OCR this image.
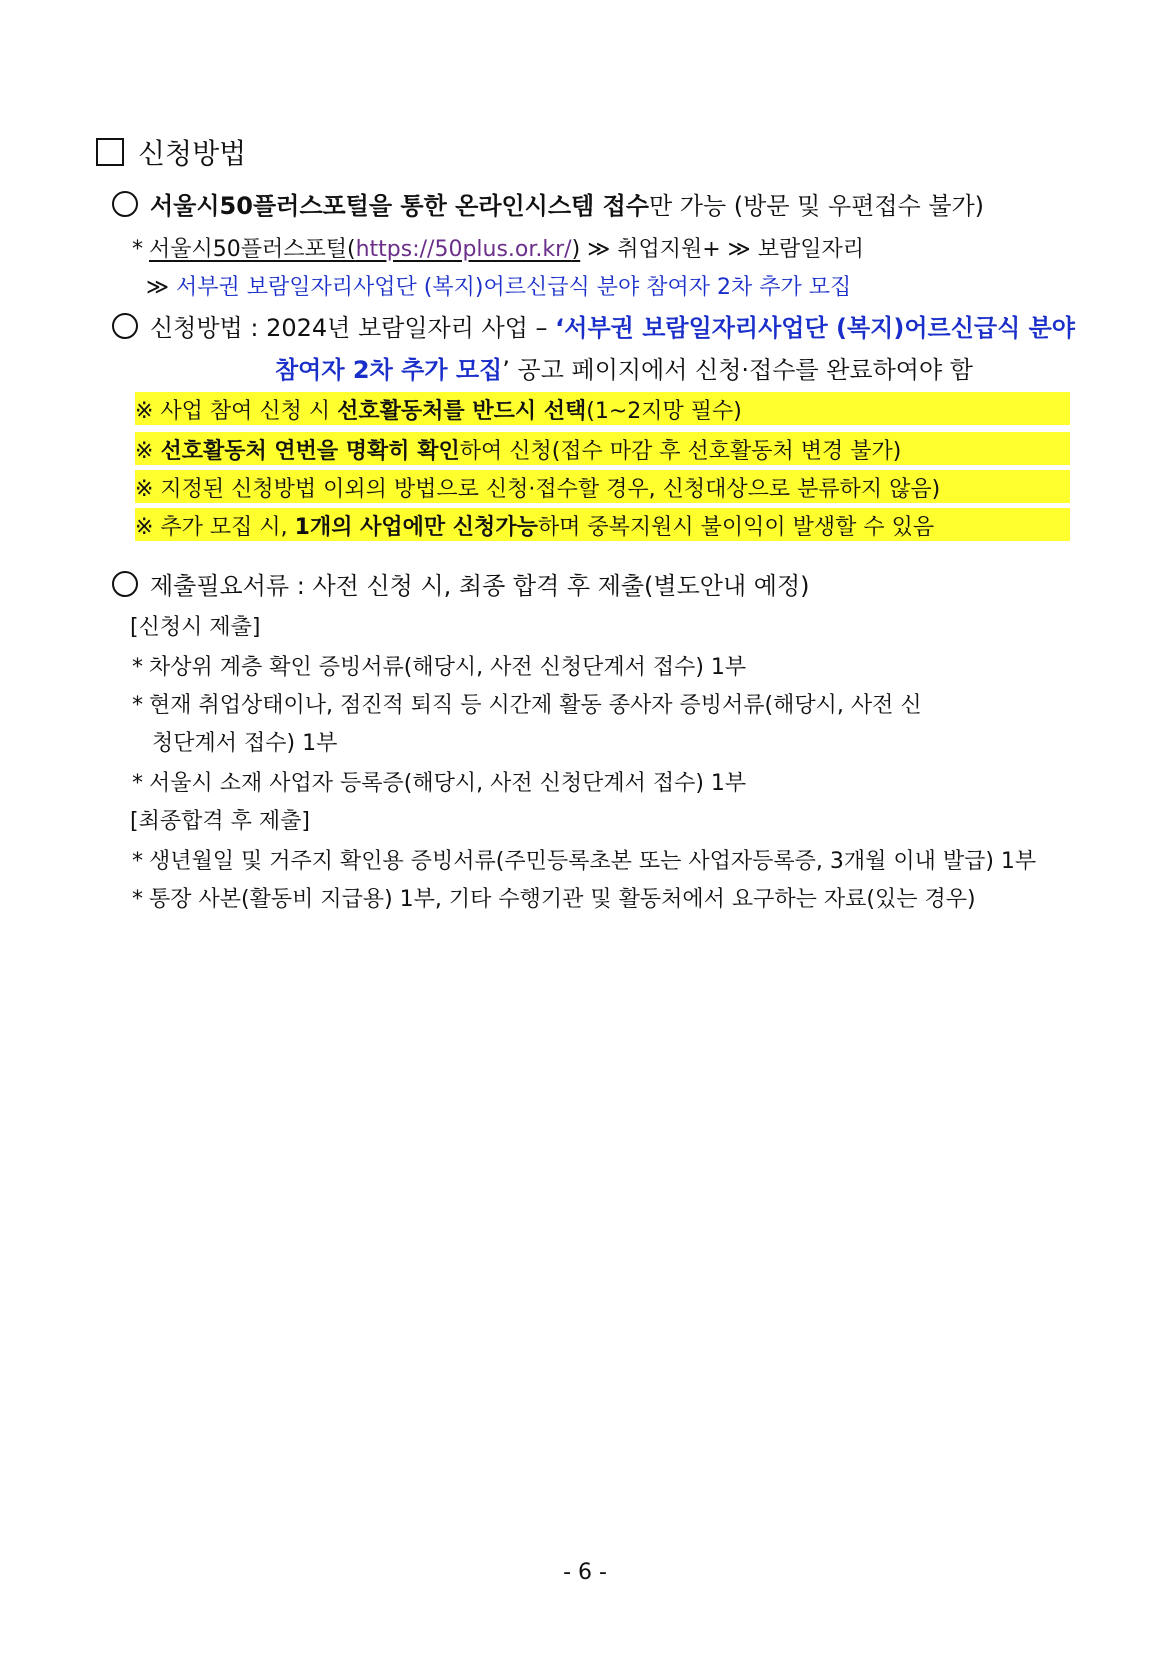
신청방법
서울시50플러스포털을 통한 온라인시스템 접수만 가능 (방문 및 우편접수 불가)
* 서울시50플러스포털(https://50plus.or.kr/) ≫ 취업지원+ ≫ 보람일자리
≫ 서부권 보람일자리사업단 (복지)어르신급식 분야 참여자 2차 추가 모집
신청방법 : 2024년 보람일자리 사업 – ‘서부권 보람일자리사업단 (복지)어르신급식 분야
참여자 2차 추가 모집’ 공고 페이지에서 신청·접수를 완료하여야 함
※ 사업 참여 신청 시 선호활동처를 반드시 선택(1~2지망 필수)
※ 선호활동처 연번을 명확히 확인하여 신청(접수 마감 후 선호활동처 변경 불가)
※ 지정된 신청방법 이외의 방법으로 신청·접수할 경우, 신청대상으로 분류하지 않음)
※ 추가 모집 시, 1개의 사업에만 신청가능하며 중복지원시 불이익이 발생할 수 있음
제출필요서류 : 사전 신청 시, 최종 합격 후 제출(별도안내 예정)
[신청시 제출]
* 차상위 계층 확인 증빙서류(해당시, 사전 신청단계서 접수) 1부
* 현재 취업상태이나, 점진적 퇴직 등 시간제 활동 종사자 증빙서류(해당시, 사전 신
청단계서 접수) 1부
* 서울시 소재 사업자 등록증(해당시, 사전 신청단계서 접수) 1부
[최종합격 후 제출]
* 생년월일 및 거주지 확인용 증빙서류(주민등록초본 또는 사업자등록증, 3개월 이내 발급) 1부
* 통장 사본(활동비 지급용) 1부, 기타 수행기관 및 활동처에서 요구하는 자료(있는 경우)
- 6 -
